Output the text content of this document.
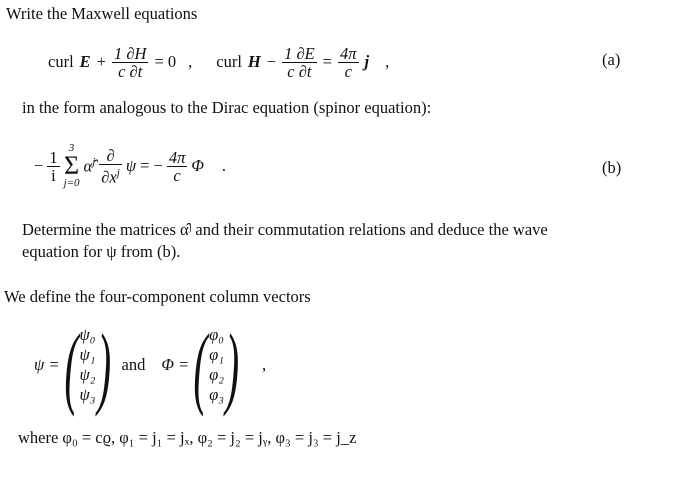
Write the Maxwell equations
curl $E + \frac{1 \partial H}{c \partial t} = 0$ , curl $H - \frac{1 \partial E}{c \partial t} = \frac{4\pi}{c}$ j ,	(a)
in the form analogous to the Dirac equation (spinor equation):
− $\frac{1}{i}$
3
Σ
j=0
α̂$^j$ $\frac{\partial}{\partial x^j}$ ψ = − $\frac{4\pi}{c}$ Φ .	(b)
Determine the matrices α̂ʲ and their commutation relations and deduce the wave
equation for ψ from (b).
We define the four-component column vectors
ψ = ( ψ₀
ψ₁
ψ₂
ψ₃ ) and Φ = ( φ₀
φ₁
φ₂
φ₃ ) ,
where φ₀ = cϱ, φ₁ = j₁ = jₓ, φ₂ = j₂ = jᵧ, φ₃ = j₃ = j_z
